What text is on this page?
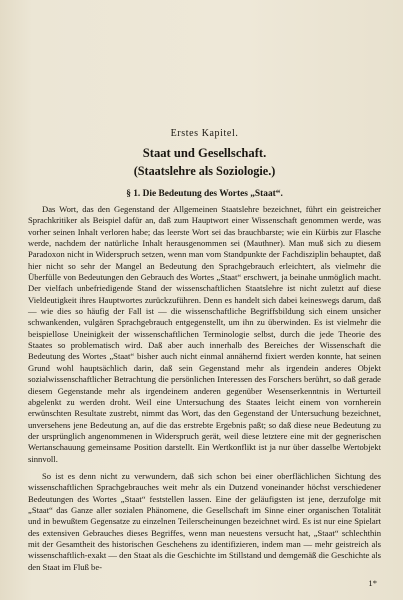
Erstes Kapitel.
Staat und Gesellschaft.
(Staatslehre als Soziologie.)
§ 1. Die Bedeutung des Wortes „Staat“.

Das Wort, das den Gegenstand der Allgemeinen Staatslehre bezeichnet, führt ein geistreicher Sprachkritiker als Beispiel dafür an, daß zum Hauptwort einer Wissenschaft genommen werde, was vorher seinen Inhalt verloren habe; das leerste Wort sei das brauchbarste; wie ein Kürbis zur Flasche werde, nachdem der natürliche Inhalt herausgenommen sei (Mauthner). Man muß sich zu diesem Paradoxon nicht in Widerspruch setzen, wenn man vom Standpunkte der Fachdisziplin behauptet, daß hier nicht so sehr der Mangel an Bedeutung den Sprachgebrauch erleichtert, als vielmehr die Überfülle von Bedeutungen den Gebrauch des Wortes „Staat“ erschwert, ja beinahe unmöglich macht. Der vielfach unbefriedigende Stand der wissenschaftlichen Staatslehre ist nicht zuletzt auf diese Vieldeutigkeit ihres Hauptwortes zurückzuführen. Denn es handelt sich dabei keineswegs darum, daß — wie dies so häufig der Fall ist — die wissenschaftliche Begriffsbildung sich einem unsicher schwankenden, vulgären Sprachgebrauch entgegenstellt, um ihn zu überwinden. Es ist vielmehr die beispiellose Uneinigkeit der wissenschaftlichen Terminologie selbst, durch die jede Theorie des Staates so problematisch wird. Daß aber auch innerhalb des Bereiches der Wissenschaft die Bedeutung des Wortes „Staat“ bisher auch nicht einmal annähernd fixiert werden konnte, hat seinen Grund wohl hauptsächlich darin, daß sein Gegenstand mehr als irgendein anderes Objekt sozialwissenschaftlicher Betrachtung die persönlichen Interessen des Forschers berührt, so daß gerade diesem Gegenstande mehr als irgendeinem anderen gegenüber Wesenserkenntnis in Werturteil abgelenkt zu werden droht. Weil eine Untersuchung des Staates leicht einem von vornherein erwünschten Resultate zustrebt, nimmt das Wort, das den Gegenstand der Untersuchung bezeichnet, unversehens jene Bedeutung an, auf die das erstrebte Ergebnis paßt; so daß diese neue Bedeutung zu der ursprünglich angenommenen in Widerspruch gerät, weil diese letztere eine mit der gegnerischen Wertanschauung gemeinsame Position darstellt. Ein Wertkonflikt ist ja nur über dasselbe Wertobjekt sinnvoll.

So ist es denn nicht zu verwundern, daß sich schon bei einer oberflächlichen Sichtung des wissenschaftlichen Sprachgebrauches weit mehr als ein Dutzend voneinander höchst verschiedener Bedeutungen des Wortes „Staat“ feststellen lassen. Eine der geläufigsten ist jene, derzufolge mit „Staat“ das Ganze aller sozialen Phänomene, die Gesellschaft im Sinne einer organischen Totalität und in bewußtem Gegensatze zu einzelnen Teilerscheinungen bezeichnet wird. Es ist nur eine Spielart des extensiven Gebrauches dieses Begriffes, wenn man neuestens versucht hat, „Staat“ schlechthin mit der Gesamtheit des historischen Geschehens zu identifizieren, indem man — mehr geistreich als wissenschaftlich-exakt — den Staat als die Geschichte im Stillstand und demgemäß die Geschichte als den Staat im Fluß be-

1*
